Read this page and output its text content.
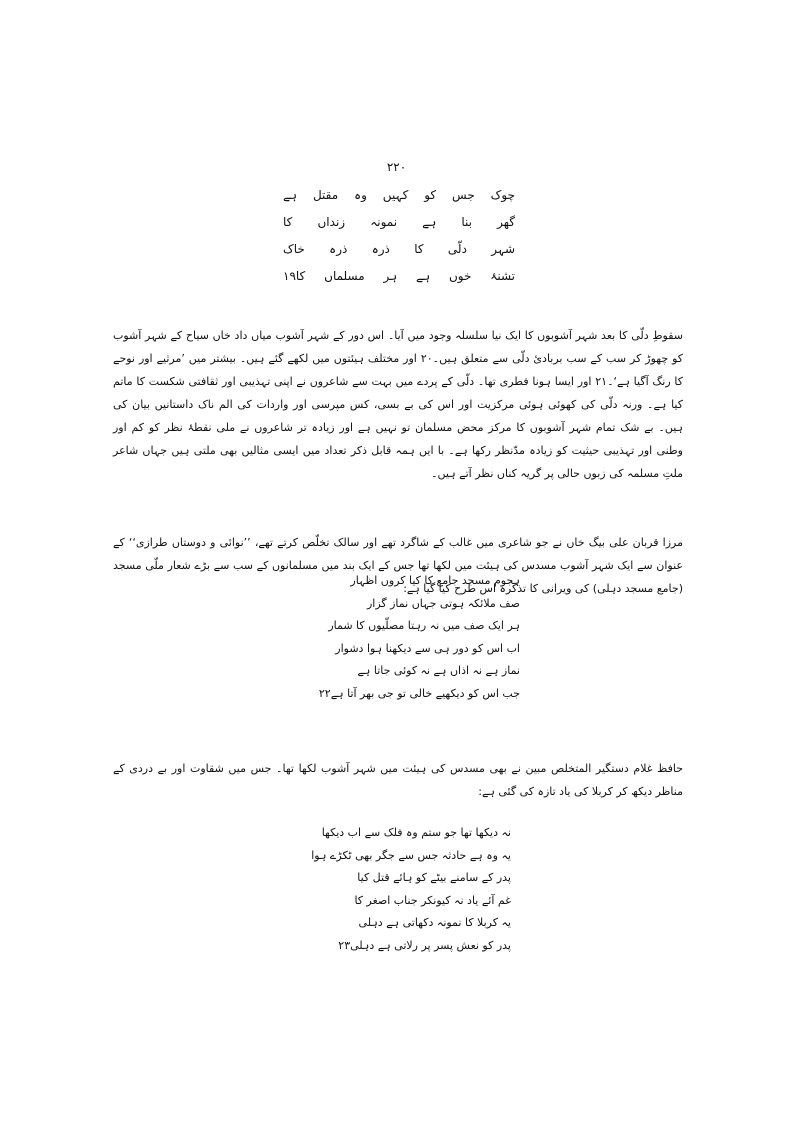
۲۲۰
چوک جس کو کہیں وہ مقتل ہے
گھر بنا ہے نمونہ زنداں کا
شہر دلّی کا ذرہ ذرہ خاک
تشنۂ خوں ہے ہر مسلماں کا۱۹

سقوطِ دلّی کا بعد شہر آشوبوں کا ایک نیا سلسلہ وجود میں آیا۔ اس دور کے شہر آشوب میاں داد خاں سیاح کے شہر آشوب کو چھوڑ کر سب کے سب بربادیٔ دلّی سے متعلق ہیں۔۲۰ اور مختلف ہیئتوں میں لکھے گئے ہیں۔ بیشتر میں ’مرثیے اور نوحے کا رنگ آگیا ہے‘۔۲۱ اور ایسا ہونا فطری تھا۔ دلّی کے پردے میں بہت سے شاعروں نے اپنی تہذیبی اور ثقافتی شکست کا ماتم کیا ہے۔ ورنہ دلّی کی کھوئی ہوئی مرکزیت اور اس کی بے بسی، کس مپرسی اور واردات کی الم ناک داستانیں بیان کی ہیں۔ بے شک تمام شہر آشوبوں کا مرکز محض مسلمان تو نہیں ہے اور زیادہ تر شاعروں نے ملی نقطۂ نظر کو کم اور وطنی اور تہذیبی حیثیت کو زیادہ مدّنظر رکھا ہے۔ با ایں ہمہ قابل ذکر تعداد میں ایسی مثالیں بھی ملتی ہیں جہاں شاعر ملتِ مسلمہ کی زبوں حالی پر گریہ کناں نظر آتے ہیں۔

مرزا قربان علی بیگ خاں نے جو شاعری میں غالب کے شاگرد تھے اور سالک تخلّص کرتے تھے، ’’نوائی و دوستاں طرازی‘‘ کے عنوان سے ایک شہر آشوب مسدس کی ہیئت میں لکھا تھا جس کے ایک بند میں مسلمانوں کے سب سے بڑے شعار ملّی مسجد (جامع مسجد دہلی) کی ویرانی کا تذکرہ اس طرح کیا گیا ہے:

ہجوم مسجد جامع کا کیا کروں اظہار
صف ملائکہ ہوتی جہاں نماز گزار
ہر ایک صف میں نہ رہتا مصلّیوں کا شمار
اب اس کو دور ہی سے دیکھنا ہوا دشوار
نماز ہے نہ اذاں ہے نہ کوئی جاتا ہے
جب اس کو دیکھیے خالی تو جی بھر آتا ہے۲۲

حافظ غلام دستگیر المتخلص مبین نے بھی مسدس کی ہیئت میں شہر آشوب لکھا تھا۔ جس میں شقاوت اور بے دردی کے مناظر دیکھ کر کربلا کی یاد تازہ کی گئی ہے:

نہ دیکھا تھا جو ستم وہ فلک سے اب دیکھا
یہ وہ ہے حادثہ جس سے جگر بھی ٹکڑے ہوا
پدر کے سامنے بیٹے کو ہائے قتل کیا
غم آئے یاد نہ کیونکر جناب اصغر کا
یہ کربلا کا نمونہ دکھاتی ہے دہلی
پدر کو نعش پسر پر رلاتی ہے دہلی۲۳
